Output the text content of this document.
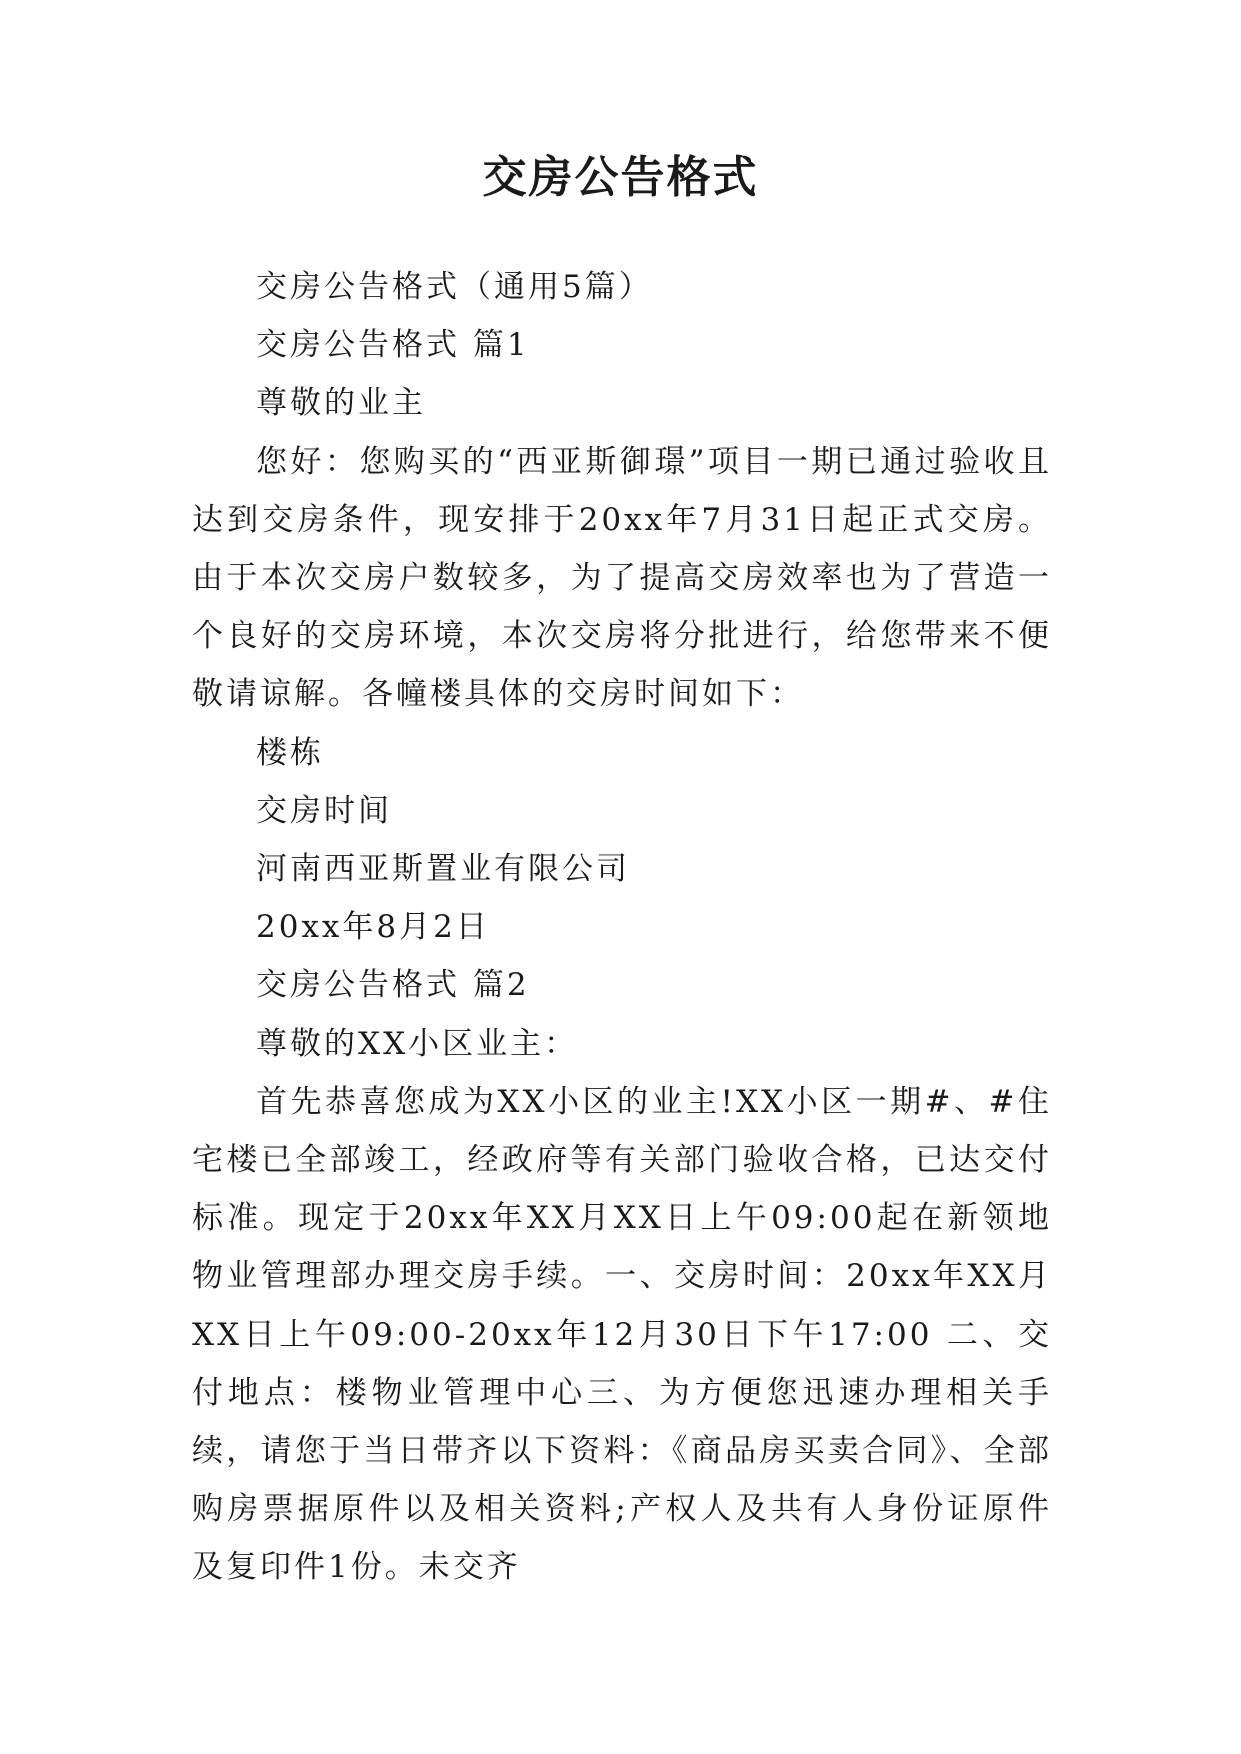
交房公告格式

交房公告格式（通用5篇）

交房公告格式 篇1

尊敬的业主

您好：您购买的“西亚斯御璟”项目一期已通过验收且达到交房条件，现安排于20xx年7月31日起正式交房。由于本次交房户数较多，为了提高交房效率也为了营造一个良好的交房环境，本次交房将分批进行，给您带来不便敬请谅解。各幢楼具体的交房时间如下：

楼栋

交房时间

河南西亚斯置业有限公司

20xx年8月2日

交房公告格式 篇2

尊敬的XX小区业主：

首先恭喜您成为XX小区的业主!XX小区一期#、#住宅楼已全部竣工，经政府等有关部门验收合格，已达交付标准。现定于20xx年XX月XX日上午09:00起在新领地物业管理部办理交房手续。一、交房时间：20xx年XX月XX日上午09:00-20xx年12月30日下午17:00 二、交付地点：楼物业管理中心三、为方便您迅速办理相关手续，请您于当日带齐以下资料：《商品房买卖合同》、全部购房票据原件以及相关资料;产权人及共有人身份证原件及复印件1份。未交齐
